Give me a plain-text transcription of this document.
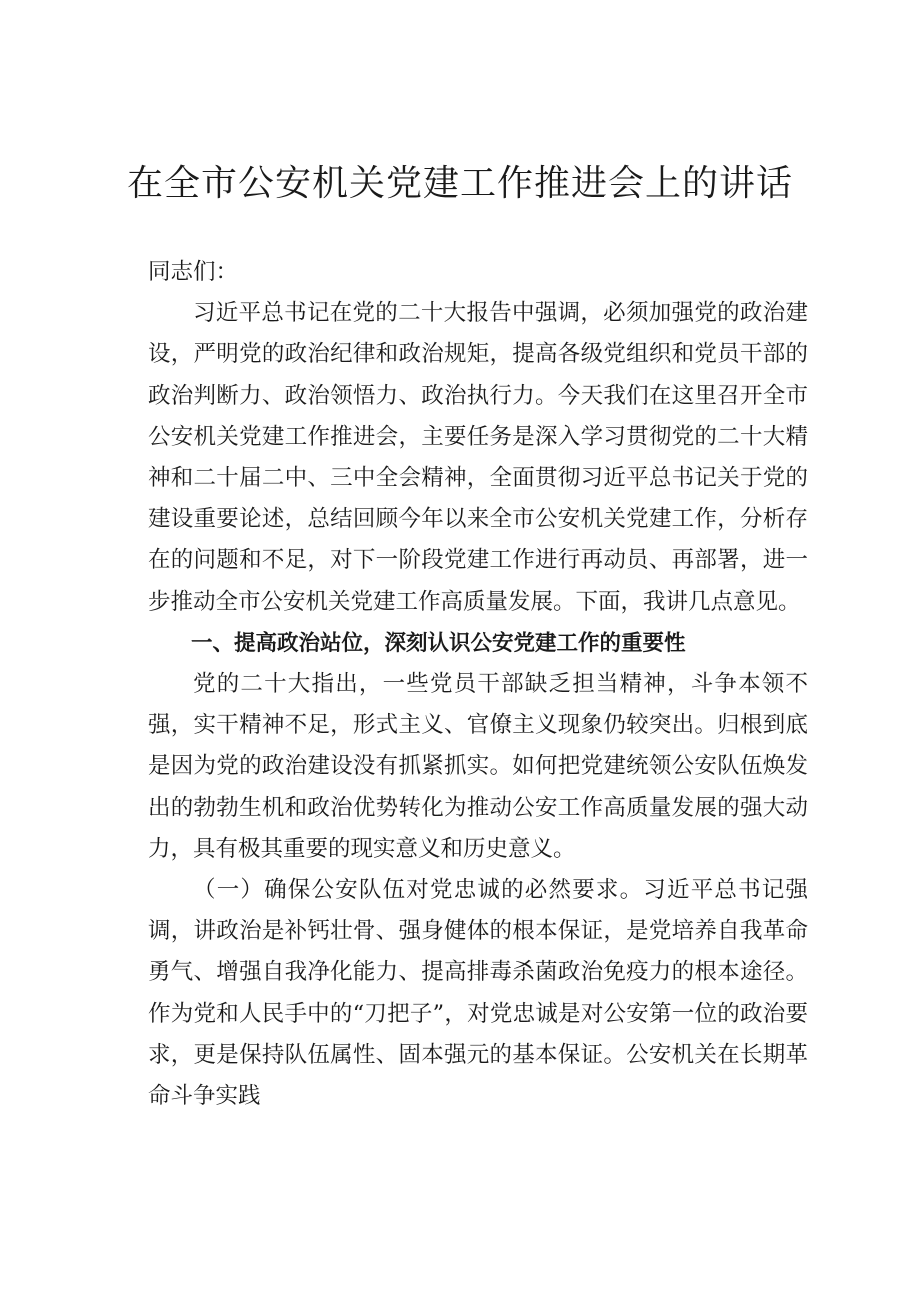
在全市公安机关党建工作推进会上的讲话

同志们：

习近平总书记在党的二十大报告中强调，必须加强党的政治建设，严明党的政治纪律和政治规矩，提高各级党组织和党员干部的政治判断力、政治领悟力、政治执行力。今天我们在这里召开全市公安机关党建工作推进会，主要任务是深入学习贯彻党的二十大精神和二十届二中、三中全会精神，全面贯彻习近平总书记关于党的建设重要论述，总结回顾今年以来全市公安机关党建工作，分析存在的问题和不足，对下一阶段党建工作进行再动员、再部署，进一步推动全市公安机关党建工作高质量发展。下面，我讲几点意见。

一、提高政治站位，深刻认识公安党建工作的重要性

党的二十大指出，一些党员干部缺乏担当精神，斗争本领不强，实干精神不足，形式主义、官僚主义现象仍较突出。归根到底是因为党的政治建设没有抓紧抓实。如何把党建统领公安队伍焕发出的勃勃生机和政治优势转化为推动公安工作高质量发展的强大动力，具有极其重要的现实意义和历史意义。

（一）确保公安队伍对党忠诚的必然要求。习近平总书记强调，讲政治是补钙壮骨、强身健体的根本保证，是党培养自我革命勇气、增强自我净化能力、提高排毒杀菌政治免疫力的根本途径。作为党和人民手中的“刀把子”，对党忠诚是对公安第一位的政治要求，更是保持队伍属性、固本强元的基本保证。公安机关在长期革命斗争实践
